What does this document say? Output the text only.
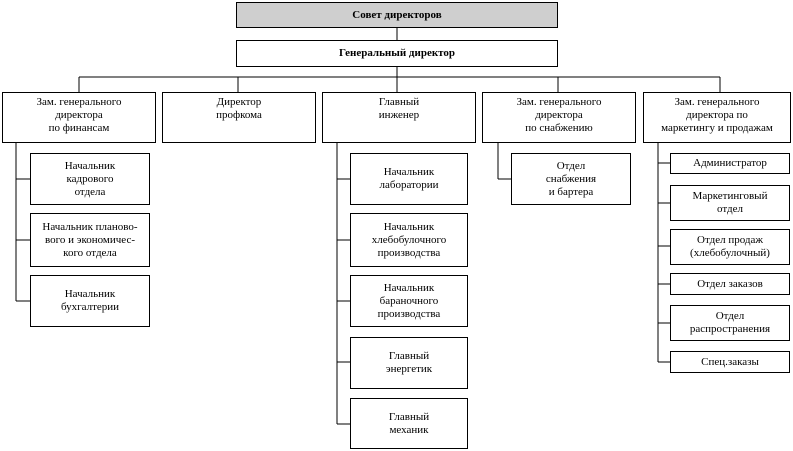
Совет директоров
Генеральный директор
Зам. генерального
директора
по финансам
Директор
профкома
Главный
инженер
Зам. генерального
директора
по снабжению
Зам. генерального
директора по
маркетингу и продажам
Начальник
кадрового
отдела
Начальник планово-
вого и экономичес-
кого отдела
Начальник
бухгалтерии
Начальник
лаборатории
Начальник
хлебобулочного
производства
Начальник
бараночного
производства
Главный
энергетик
Главный
механик
Отдел
снабжения
и бартера
Администратор
Маркетинговый
отдел
Отдел продаж
(хлебобулочный)
Отдел заказов
Отдел
распространения
Спец.заказы
